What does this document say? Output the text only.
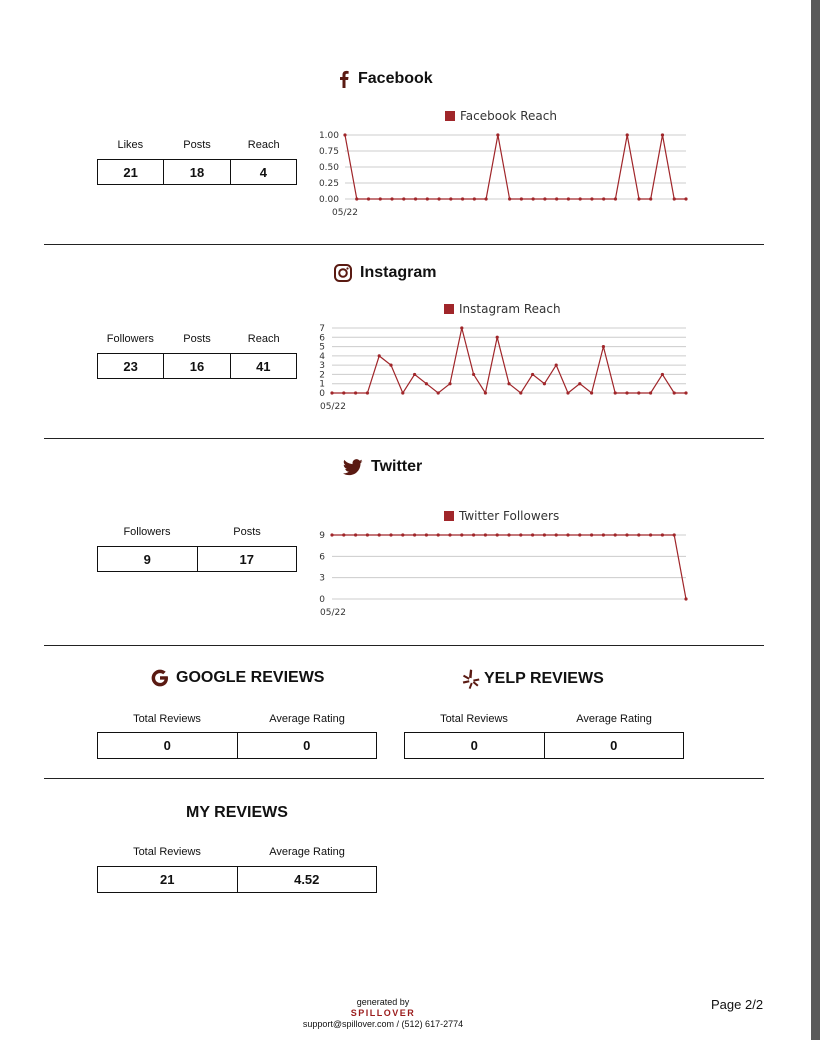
Facebook
Likes	Posts	Reach
21	18	4
Facebook Reach
0.00
0.25
0.50
0.75
1.00
05/22
Instagram
Followers	Posts	Reach
23	16	41
Instagram Reach
0
1
2
3
4
5
6
7
05/22
Twitter
Followers	Posts
9	17
Twitter Followers
0
3
6
9
05/22
GOOGLE REVIEWS
Total Reviews	Average Rating
0	0
YELP REVIEWS
Total Reviews	Average Rating
0	0
MY REVIEWS
Total Reviews	Average Rating
21	4.52
generated by
SPILLOVER
support@spillover.com / (512) 617-2774
Page 2/2
